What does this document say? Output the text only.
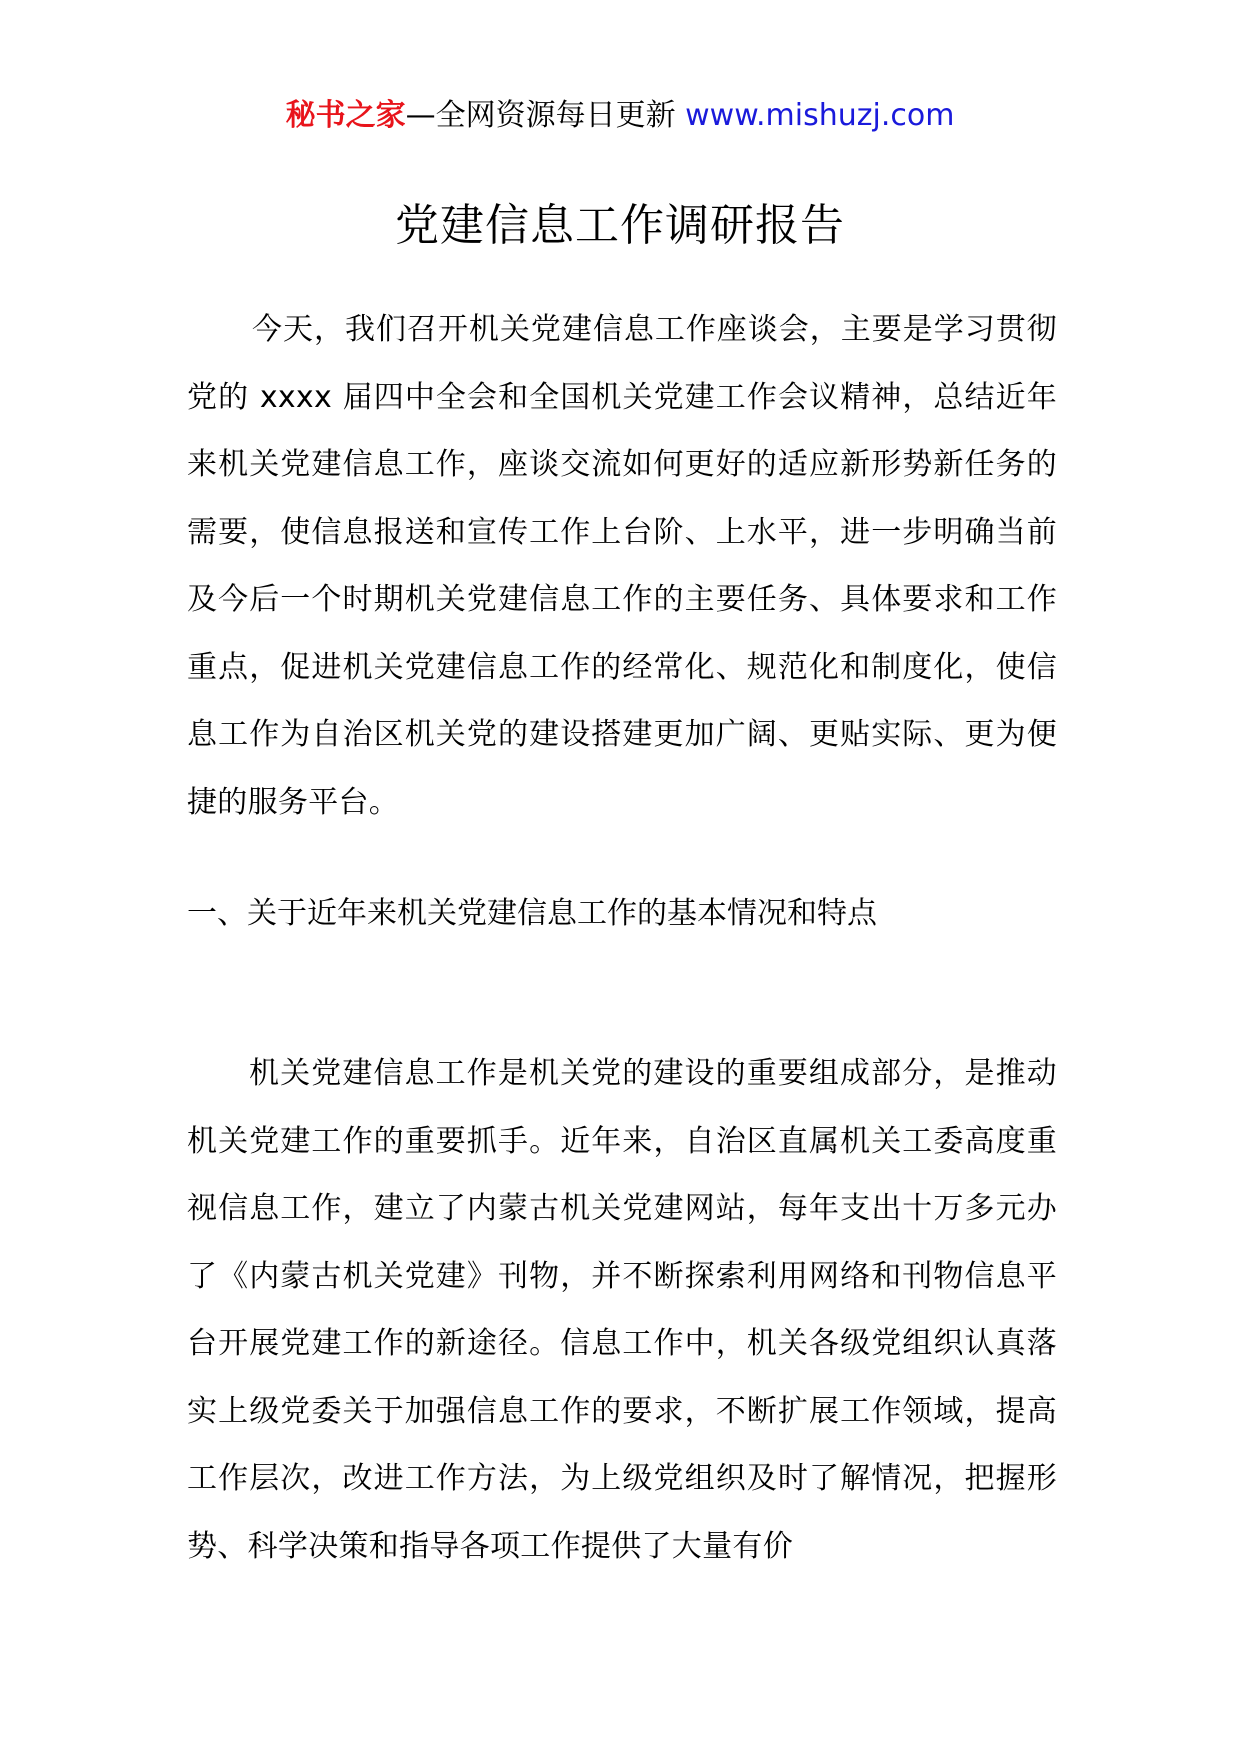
秘书之家—全网资源每日更新 www.mishuzj.com
党建信息工作调研报告

今天，我们召开机关党建信息工作座谈会，主要是学习贯彻党的 xxxx 届四中全会和全国机关党建工作会议精神，总结近年来机关党建信息工作，座谈交流如何更好的适应新形势新任务的需要，使信息报送和宣传工作上台阶、上水平，进一步明确当前及今后一个时期机关党建信息工作的主要任务、具体要求和工作重点，促进机关党建信息工作的经常化、规范化和制度化，使信息工作为自治区机关党的建设搭建更加广阔、更贴实际、更为便捷的服务平台。

一、关于近年来机关党建信息工作的基本情况和特点

机关党建信息工作是机关党的建设的重要组成部分，是推动机关党建工作的重要抓手。近年来，自治区直属机关工委高度重视信息工作，建立了内蒙古机关党建网站，每年支出十万多元办了《内蒙古机关党建》刊物，并不断探索利用网络和刊物信息平台开展党建工作的新途径。信息工作中，机关各级党组织认真落实上级党委关于加强信息工作的要求，不断扩展工作领域，提高工作层次，改进工作方法，为上级党组织及时了解情况，把握形势、科学决策和指导各项工作提供了大量有价
